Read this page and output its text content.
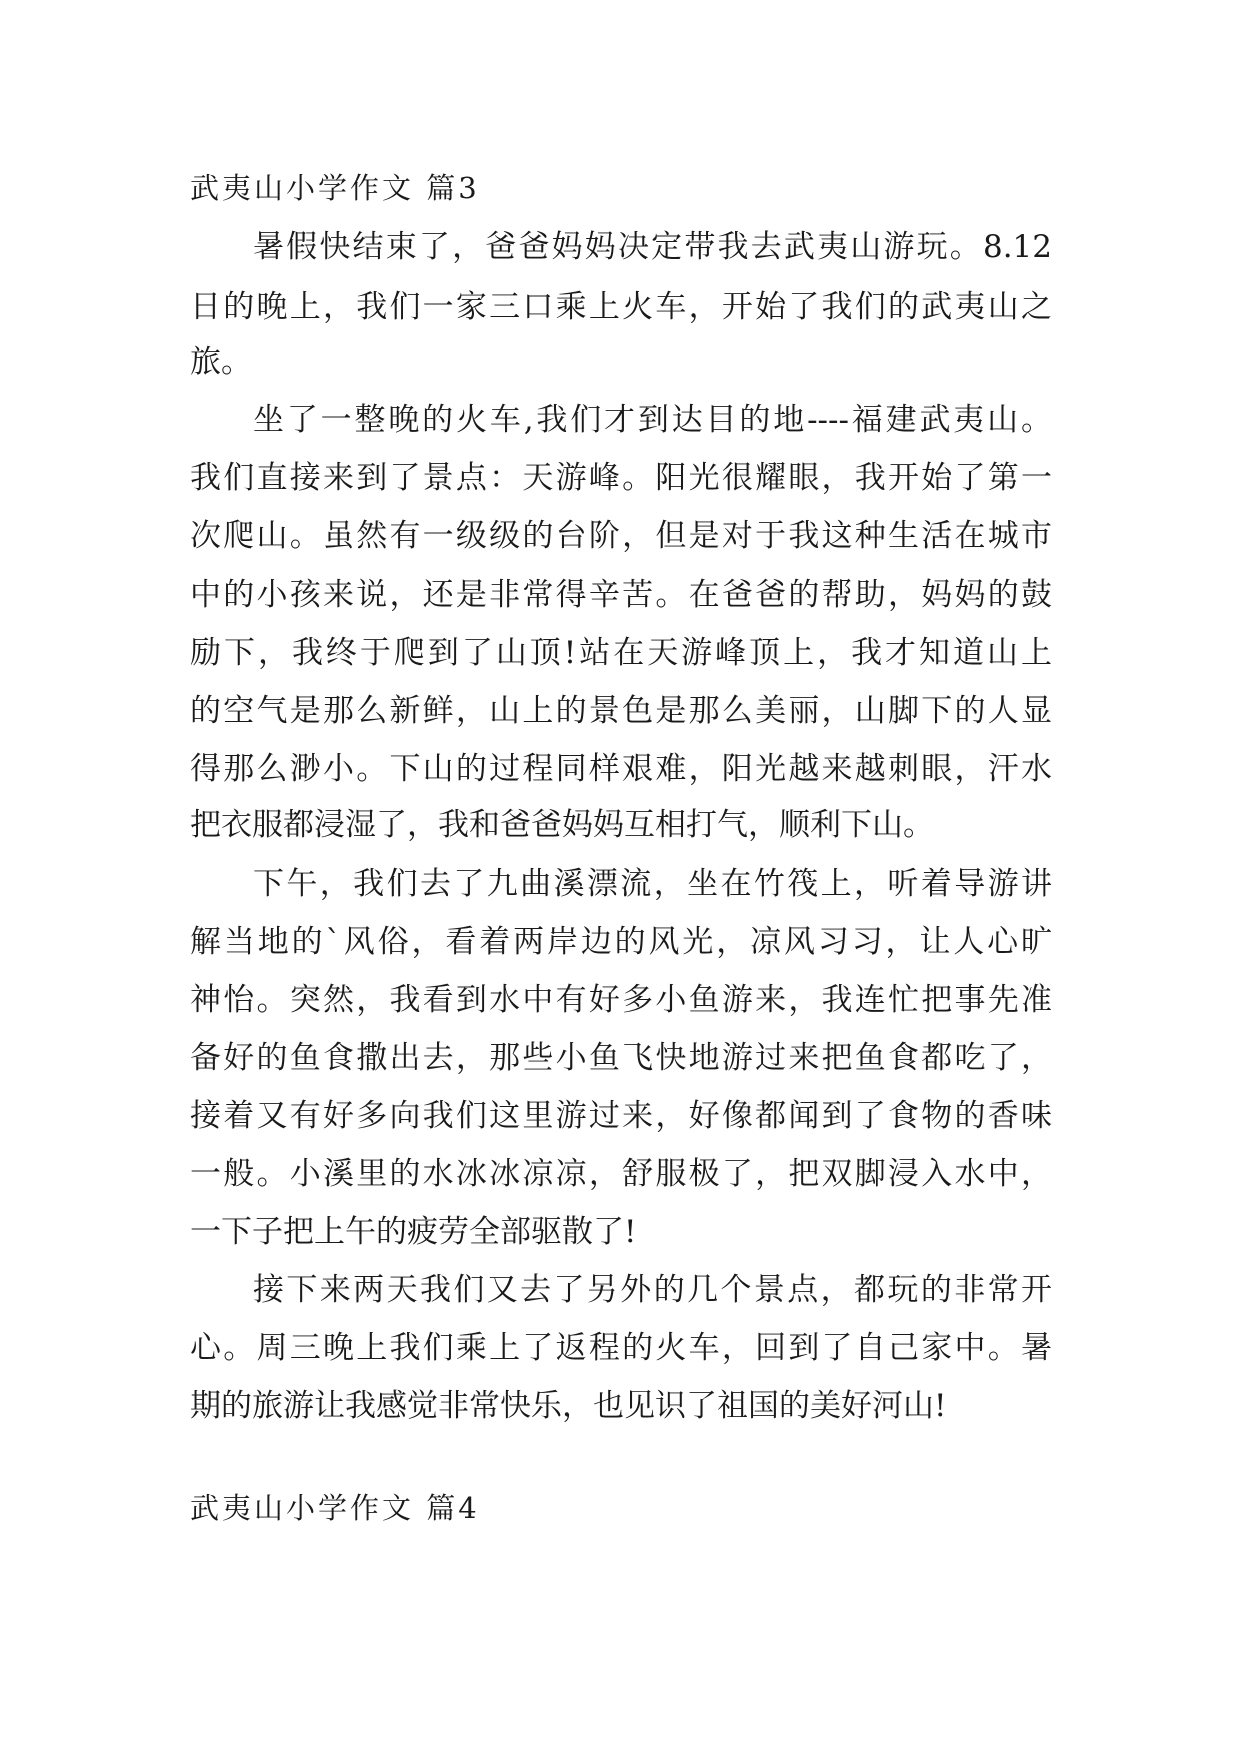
武夷山小学作文 篇3

暑假快结束了，爸爸妈妈决定带我去武夷山游玩。8.12

日的晚上，我们一家三口乘上火车，开始了我们的武夷山之

旅。

坐了一整晚的火车,我们才到达目的地----福建武夷山。

我们直接来到了景点：天游峰。阳光很耀眼，我开始了第一

次爬山。虽然有一级级的台阶，但是对于我这种生活在城市

中的小孩来说，还是非常得辛苦。在爸爸的帮助，妈妈的鼓

励下，我终于爬到了山顶!站在天游峰顶上，我才知道山上

的空气是那么新鲜，山上的景色是那么美丽，山脚下的人显

得那么渺小。下山的过程同样艰难，阳光越来越刺眼，汗水

把衣服都浸湿了，我和爸爸妈妈互相打气，顺利下山。

下午，我们去了九曲溪漂流，坐在竹筏上，听着导游讲

解当地的`风俗，看着两岸边的风光，凉风习习，让人心旷

神怡。突然，我看到水中有好多小鱼游来，我连忙把事先准

备好的鱼食撒出去，那些小鱼飞快地游过来把鱼食都吃了，

接着又有好多向我们这里游过来，好像都闻到了食物的香味

一般。小溪里的水冰冰凉凉，舒服极了，把双脚浸入水中，

一下子把上午的疲劳全部驱散了!

接下来两天我们又去了另外的几个景点，都玩的非常开

心。周三晚上我们乘上了返程的火车，回到了自己家中。暑

期的旅游让我感觉非常快乐，也见识了祖国的美好河山!

武夷山小学作文 篇4
